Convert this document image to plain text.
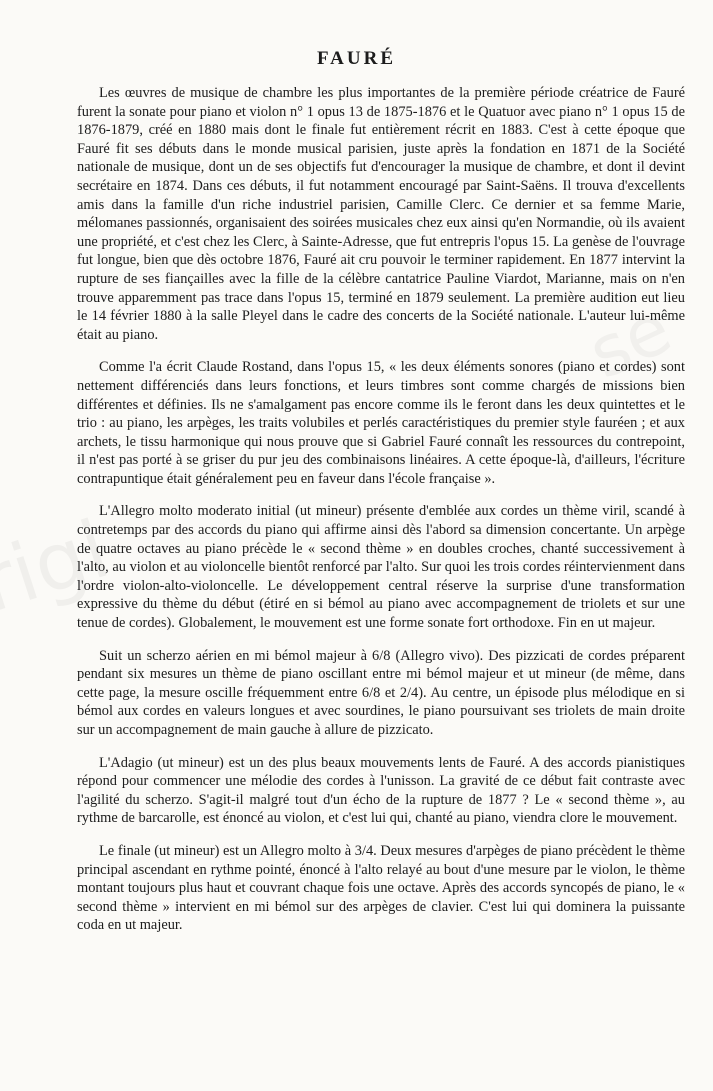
FAURÉ

Les œuvres de musique de chambre les plus importantes de la première période créatrice de Fauré furent la sonate pour piano et violon n° 1 opus 13 de 1875-1876 et le Quatuor avec piano n° 1 opus 15 de 1876-1879, créé en 1880 mais dont le finale fut entièrement récrit en 1883. C'est à cette époque que Fauré fit ses débuts dans le monde musical parisien, juste après la fondation en 1871 de la Société nationale de musique, dont un de ses objectifs fut d'encourager la musique de chambre, et dont il devint secrétaire en 1874. Dans ces débuts, il fut notamment encouragé par Saint-Saëns. Il trouva d'excellents amis dans la famille d'un riche industriel parisien, Camille Clerc. Ce dernier et sa femme Marie, mélomanes passionnés, organisaient des soirées musicales chez eux ainsi qu'en Normandie, où ils avaient une propriété, et c'est chez les Clerc, à Sainte-Adresse, que fut entrepris l'opus 15. La genèse de l'ouvrage fut longue, bien que dès octobre 1876, Fauré ait cru pouvoir le terminer rapidement. En 1877 intervint la rupture de ses fiançailles avec la fille de la célèbre cantatrice Pauline Viardot, Marianne, mais on n'en trouve apparemment pas trace dans l'opus 15, terminé en 1879 seulement. La première audition eut lieu le 14 février 1880 à la salle Pleyel dans le cadre des concerts de la Société nationale. L'auteur lui-même était au piano.

Comme l'a écrit Claude Rostand, dans l'opus 15, « les deux éléments sonores (piano et cordes) sont nettement différenciés dans leurs fonctions, et leurs timbres sont comme chargés de missions bien différentes et définies. Ils ne s'amalgament pas encore comme ils le feront dans les deux quintettes et le trio : au piano, les arpèges, les traits volubiles et perlés caractéristiques du premier style fauréen ; et aux archets, le tissu harmonique qui nous prouve que si Gabriel Fauré connaît les ressources du contrepoint, il n'est pas porté à se griser du pur jeu des combinaisons linéaires. A cette époque-là, d'ailleurs, l'écriture contrapuntique était généralement peu en faveur dans l'école française ».

L'Allegro molto moderato initial (ut mineur) présente d'emblée aux cordes un thème viril, scandé à contretemps par des accords du piano qui affirme ainsi dès l'abord sa dimension concertante. Un arpège de quatre octaves au piano précède le « second thème » en doubles croches, chanté successivement à l'alto, au violon et au violoncelle bientôt renforcé par l'alto. Sur quoi les trois cordes réintervienment dans l'ordre violon-alto-violoncelle. Le développement central réserve la surprise d'une transformation expressive du thème du début (étiré en si bémol au piano avec accompagnement de triolets et sur une tenue de cordes). Globalement, le mouvement est une forme sonate fort orthodoxe. Fin en ut majeur.

Suit un scherzo aérien en mi bémol majeur à 6/8 (Allegro vivo). Des pizzicati de cordes préparent pendant six mesures un thème de piano oscillant entre mi bémol majeur et ut mineur (de même, dans cette page, la mesure oscille fréquemment entre 6/8 et 2/4). Au centre, un épisode plus mélodique en si bémol aux cordes en valeurs longues et avec sourdines, le piano poursuivant ses triolets de main droite sur un accompagnement de main gauche à allure de pizzicato.

L'Adagio (ut mineur) est un des plus beaux mouvements lents de Fauré. A des accords pianistiques répond pour commencer une mélodie des cordes à l'unisson. La gravité de ce début fait contraste avec l'agilité du scherzo. S'agit-il malgré tout d'un écho de la rupture de 1877 ? Le « second thème », au rythme de barcarolle, est énoncé au violon, et c'est lui qui, chanté au piano, viendra clore le mouvement.

Le finale (ut mineur) est un Allegro molto à 3/4. Deux mesures d'arpèges de piano précèdent le thème principal ascendant en rythme pointé, énoncé à l'alto relayé au bout d'une mesure par le violon, le thème montant toujours plus haut et couvrant chaque fois une octave. Après des accords syncopés de piano, le « second thème » intervient en mi bémol sur des arpèges de clavier. C'est lui qui dominera la puissante coda en ut majeur.
